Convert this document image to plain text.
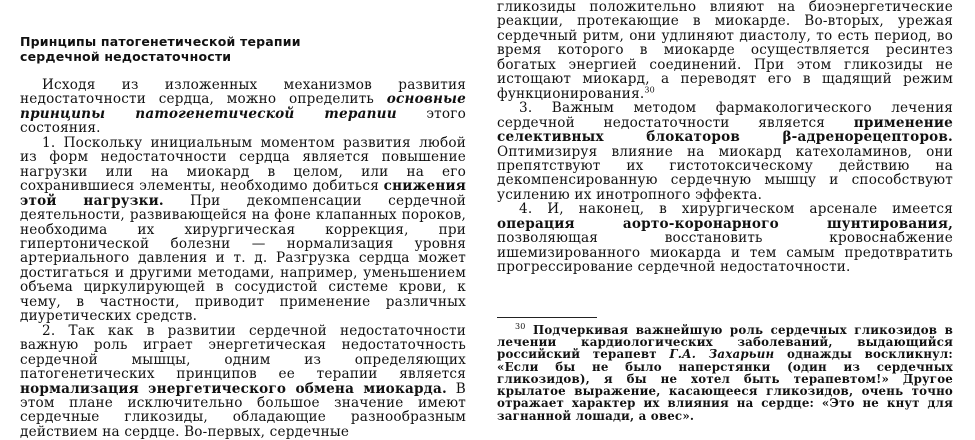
Принципы патогенетической терапии
сердечной недостаточности

Исходя из изложенных механизмов развития недостаточности сердца, можно определить основные принципы патогенетической терапии этого состояния.

1. Поскольку инициальным моментом развития любой из форм недостаточности сердца является повышение нагрузки или на миокард в целом, или на его сохранившиеся элементы, необходимо добиться снижения этой нагрузки. При декомпенсации сердечной деятельности, развивающейся на фоне клапанных пороков, необходима их хирургическая коррекция, при гипертонической болезни — нормализация уровня артериального давления и т. д. Разгрузка сердца может достигаться и другими методами, например, уменьшением объема циркулирующей в сосудистой системе крови, к чему, в частности, приводит применение различных диуретических средств.

2. Так как в развитии сердечной недостаточности важную роль играет энергетическая недостаточность сердечной мышцы, одним из определяющих патогенетических принципов ее терапии является нормализация энергетического обмена миокарда. В этом плане исключительно большое значение имеют сердечные гликозиды, обладающие разнообразным действием на сердце. Во-первых, сердечные

гликозиды положительно влияют на биоэнергетические реакции, протекающие в миокарде. Во-вторых, урежая сердечный ритм, они удлиняют диастолу, то есть период, во время которого в миокарде осуществляется ресинтез богатых энергией соединений. При этом гликозиды не истощают миокард, а переводят его в щадящий режим функционирования.$^{30}$

3. Важным методом фармакологического лечения сердечной недостаточности является применение селективных блокаторов β-адренорецепторов. Оптимизируя влияние на миокард катехоламинов, они препятствуют их гистотоксическому действию на декомпенсированную сердечную мышцу и способствуют усилению их инотропного эффекта.

4. И, наконец, в хирургическом арсенале имеется операция аорто-коронарного шунтирования, позволяющая восстановить кровоснабжение ишемизированного миокарда и тем самым предотвратить прогрессирование сердечной недостаточности.

$^{30}$ Подчеркивая важнейшую роль сердечных гликозидов в лечении кардиологических заболеваний, выдающийся российский терапевт Г.А. Захарьин однажды воскликнул: «Если бы не было наперстянки (один из сердечных гликозидов), я бы не хотел быть терапевтом!» Другое крылатое выражение, касающееся гликозидов, очень точно отражает характер их влияния на сердце: «Это не кнут для загнанной лошади, а овес».
